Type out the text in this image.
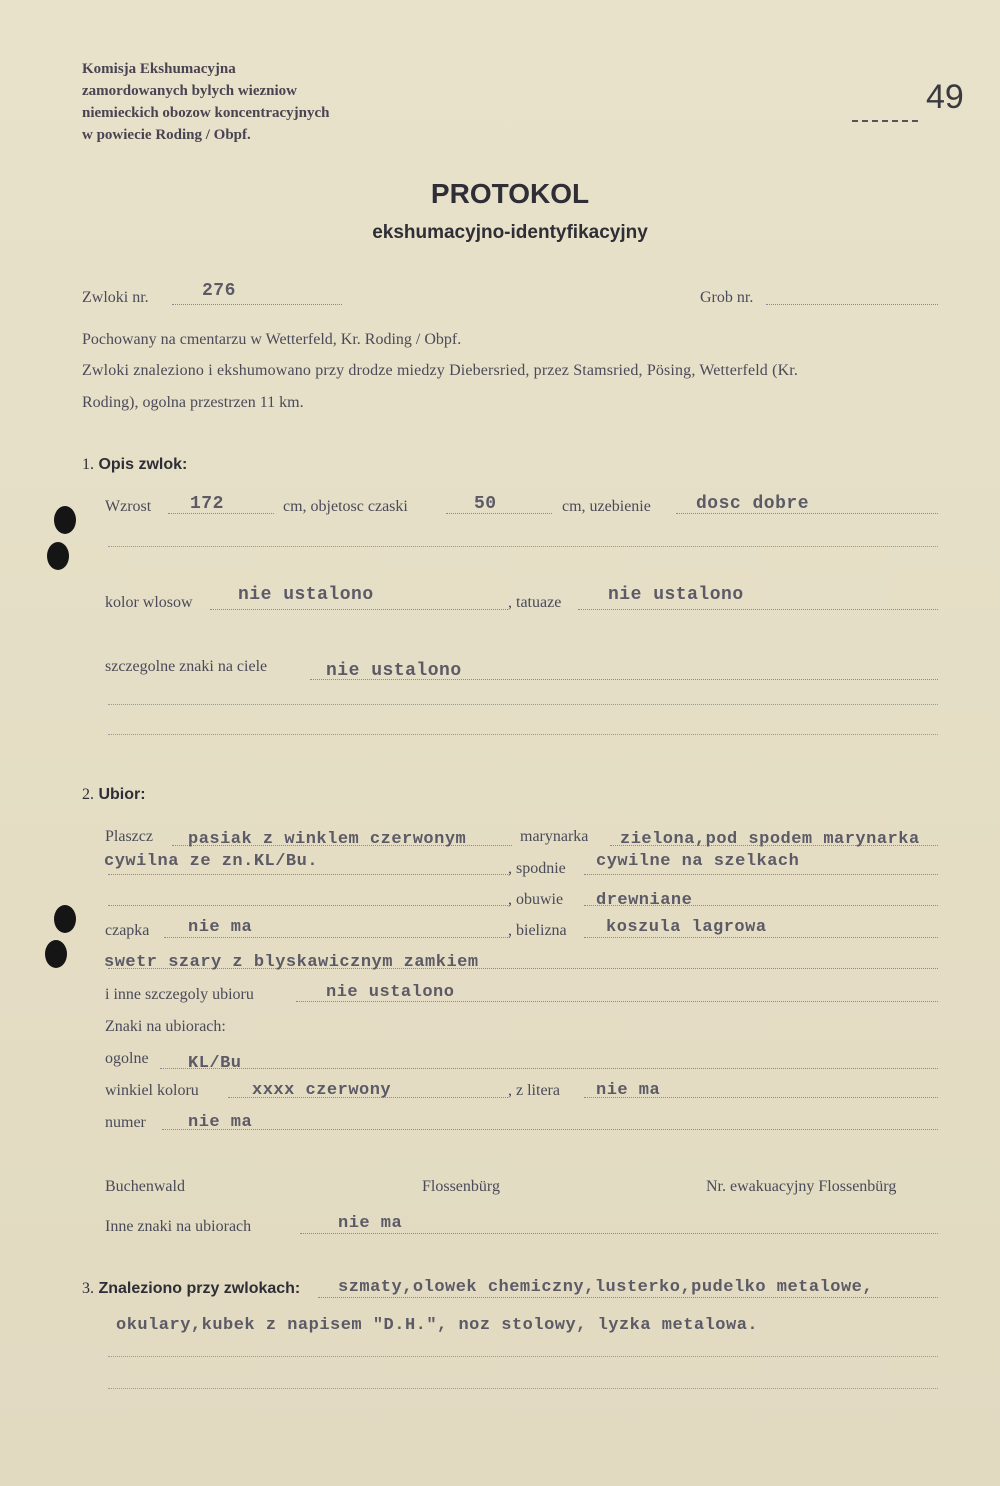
Komisja Ekshumacyjna
zamordowanych bylych wiezniow
niemieckich obozow koncentracyjnych
w powiecie Roding / Obpf.
49
PROTOKOL
ekshumacyjno-identyfikacyjny
Zwloki nr.	276	Grob nr.
Pochowany na cmentarzu w Wetterfeld, Kr. Roding / Obpf.
Zwloki znaleziono i ekshumowano przy drodze miedzy Diebersried, przez Stamsried, Pösing, Wetterfeld (Kr.
Roding), ogolna przestrzen 11 km.
1. Opis zwlok:
Wzrost 172	cm, objetosc czaski	50	cm, uzebienie	dosc dobre
kolor wlosow	nie ustalono	, tatuaze	nie ustalono
szczegolne znaki na ciele	nie ustalono
2. Ubior:
Plaszcz pasiak z winklem czerwonym	marynarka zielona,pod spodem marynarka
cywilna ze zn.KL/Bu.	, spodnie cywilne na szelkach
, obuwie drewniane
czapka nie ma	, bielizna koszula lagrowa
swetr szary z blyskawicznym zamkiem
i inne szczegoly ubioru	nie ustalono
Znaki na ubiorach:
ogolne KL/Bu
winkiel koloru	xxxx czerwony	, z litera nie ma
numer nie ma
Buchenwald	Flossenbürg	Nr. ewakuacyjny Flossenbürg
Inne znaki na ubiorach	nie ma
3. Znaleziono przy zwlokach: szmaty,olowek chemiczny,lusterko,pudelko metalowe,
okulary,kubek z napisem "D.H.", noz stolowy, lyzka metalowa.
